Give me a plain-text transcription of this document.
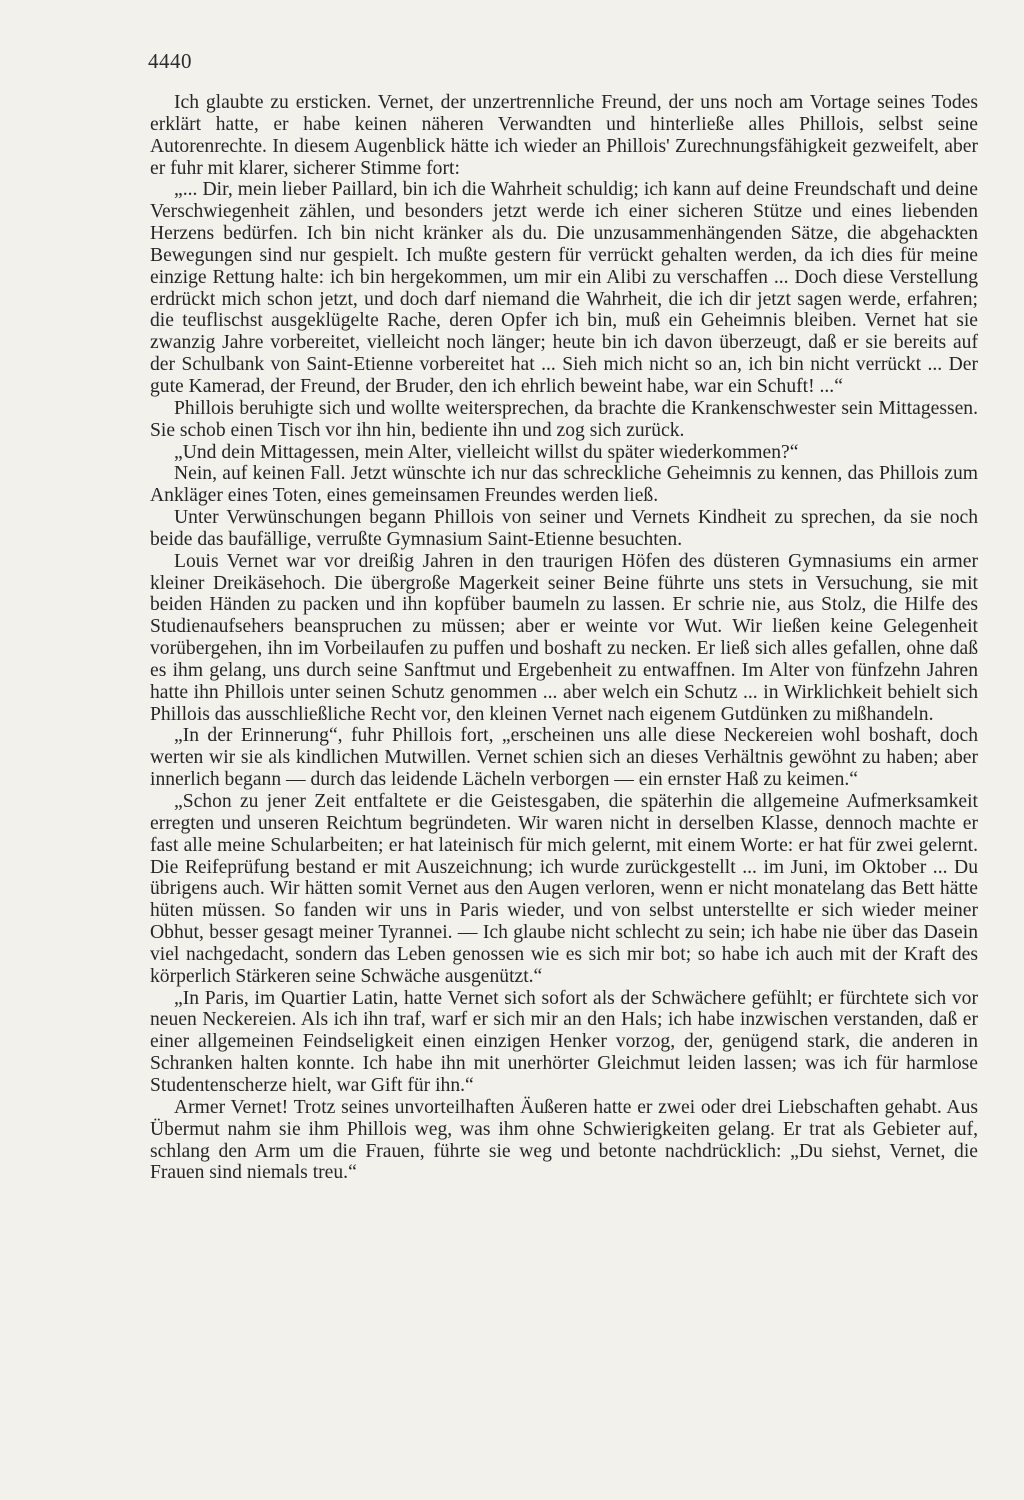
4440

Ich glaubte zu ersticken. Vernet, der unzertrennliche Freund, der uns noch am Vortage seines Todes erklärt hatte, er habe keinen näheren Verwandten und hinterließe alles Phillois, selbst seine Autorenrechte. In diesem Augenblick hätte ich wieder an Phillois' Zurechnungsfähigkeit gezweifelt, aber er fuhr mit klarer, sicherer Stimme fort:

„... Dir, mein lieber Paillard, bin ich die Wahrheit schuldig; ich kann auf deine Freundschaft und deine Verschwiegenheit zählen, und besonders jetzt werde ich einer sicheren Stütze und eines liebenden Herzens bedürfen. Ich bin nicht kränker als du. Die unzusammenhängenden Sätze, die abgehackten Bewegungen sind nur gespielt. Ich mußte gestern für verrückt gehalten werden, da ich dies für meine einzige Rettung halte: ich bin hergekommen, um mir ein Alibi zu verschaffen ... Doch diese Verstellung erdrückt mich schon jetzt, und doch darf niemand die Wahrheit, die ich dir jetzt sagen werde, erfahren; die teuflischst ausgeklügelte Rache, deren Opfer ich bin, muß ein Geheimnis bleiben. Vernet hat sie zwanzig Jahre vorbereitet, vielleicht noch länger; heute bin ich davon überzeugt, daß er sie bereits auf der Schulbank von Saint-Etienne vorbereitet hat ... Sieh mich nicht so an, ich bin nicht verrückt ... Der gute Kamerad, der Freund, der Bruder, den ich ehrlich beweint habe, war ein Schuft! ...“

Phillois beruhigte sich und wollte weitersprechen, da brachte die Krankenschwester sein Mittagessen. Sie schob einen Tisch vor ihn hin, bediente ihn und zog sich zurück.

„Und dein Mittagessen, mein Alter, vielleicht willst du später wiederkommen?“

Nein, auf keinen Fall. Jetzt wünschte ich nur das schreckliche Geheimnis zu kennen, das Phillois zum Ankläger eines Toten, eines gemeinsamen Freundes werden ließ.

Unter Verwünschungen begann Phillois von seiner und Vernets Kindheit zu sprechen, da sie noch beide das baufällige, verrußte Gymnasium Saint-Etienne besuchten.

Louis Vernet war vor dreißig Jahren in den traurigen Höfen des düsteren Gymnasiums ein armer kleiner Dreikäsehoch. Die übergroße Magerkeit seiner Beine führte uns stets in Versuchung, sie mit beiden Händen zu packen und ihn kopfüber baumeln zu lassen. Er schrie nie, aus Stolz, die Hilfe des Studienaufsehers beanspruchen zu müssen; aber er weinte vor Wut. Wir ließen keine Gelegenheit vorübergehen, ihn im Vorbeilaufen zu puffen und boshaft zu necken. Er ließ sich alles gefallen, ohne daß es ihm gelang, uns durch seine Sanftmut und Ergebenheit zu entwaffnen. Im Alter von fünfzehn Jahren hatte ihn Phillois unter seinen Schutz genommen ... aber welch ein Schutz ... in Wirklichkeit behielt sich Phillois das ausschließliche Recht vor, den kleinen Vernet nach eigenem Gutdünken zu mißhandeln.

„In der Erinnerung“, fuhr Phillois fort, „erscheinen uns alle diese Neckereien wohl boshaft, doch werten wir sie als kindlichen Mutwillen. Vernet schien sich an dieses Verhältnis gewöhnt zu haben; aber innerlich begann — durch das leidende Lächeln verborgen — ein ernster Haß zu keimen.“

„Schon zu jener Zeit entfaltete er die Geistesgaben, die späterhin die allgemeine Aufmerksamkeit erregten und unseren Reichtum begründeten. Wir waren nicht in derselben Klasse, dennoch machte er fast alle meine Schularbeiten; er hat lateinisch für mich gelernt, mit einem Worte: er hat für zwei gelernt. Die Reifeprüfung bestand er mit Auszeichnung; ich wurde zurückgestellt ... im Juni, im Oktober ... Du übrigens auch. Wir hätten somit Vernet aus den Augen verloren, wenn er nicht monatelang das Bett hätte hüten müssen. So fanden wir uns in Paris wieder, und von selbst unterstellte er sich wieder meiner Obhut, besser gesagt meiner Tyrannei. — Ich glaube nicht schlecht zu sein; ich habe nie über das Dasein viel nachgedacht, sondern das Leben genossen wie es sich mir bot; so habe ich auch mit der Kraft des körperlich Stärkeren seine Schwäche ausgenützt.“

„In Paris, im Quartier Latin, hatte Vernet sich sofort als der Schwächere gefühlt; er fürchtete sich vor neuen Neckereien. Als ich ihn traf, warf er sich mir an den Hals; ich habe inzwischen verstanden, daß er einer allgemeinen Feindseligkeit einen einzigen Henker vorzog, der, genügend stark, die anderen in Schranken halten konnte. Ich habe ihn mit unerhörter Gleichmut leiden lassen; was ich für harmlose Studentenscherze hielt, war Gift für ihn.“

Armer Vernet! Trotz seines unvorteilhaften Äußeren hatte er zwei oder drei Liebschaften gehabt. Aus Übermut nahm sie ihm Phillois weg, was ihm ohne Schwierigkeiten gelang. Er trat als Gebieter auf, schlang den Arm um die Frauen, führte sie weg und betonte nachdrücklich: „Du siehst, Vernet, die Frauen sind niemals treu.“
